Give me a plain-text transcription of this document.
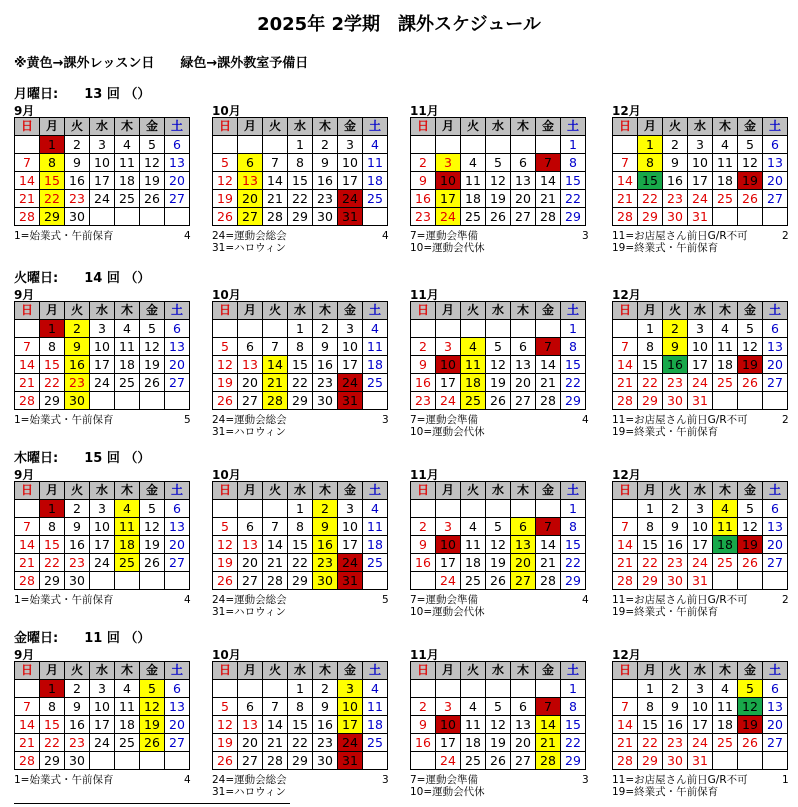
2025年 2学期　課外スケジュール
※黄色→課外レッスン日　　緑色→課外教室予備日
月曜日:　　13 回 （）
9月
日	月	火	水	木	金	土
	1	2	3	4	5	6
7	8	9	10	11	12	13
14	15	16	17	18	19	20
21	22	23	24	25	26	27
28	29	30				
1=始業式・午前保育	4
10月
日	月	火	水	木	金	土
			1	2	3	4
5	6	7	8	9	10	11
12	13	14	15	16	17	18
19	20	21	22	23	24	25
26	27	28	29	30	31	
24=運動会総会
31=ハロウィン
4
11月
日	月	火	水	木	金	土
						1
2	3	4	5	6	7	8
9	10	11	12	13	14	15
16	17	18	19	20	21	22
23	24	25	26	27	28	29
7=運動会準備
10=運動会代休
3
12月
日	月	火	水	木	金	土
	1	2	3	4	5	6
7	8	9	10	11	12	13
14	15	16	17	18	19	20
21	22	23	24	25	26	27
28	29	30	31			
11=お店屋さん前日G/R不可
19=終業式・午前保育
2
火曜日:　　14 回 （）
9月
日	月	火	水	木	金	土
	1	2	3	4	5	6
7	8	9	10	11	12	13
14	15	16	17	18	19	20
21	22	23	24	25	26	27
28	29	30				
1=始業式・午前保育	5
10月
日	月	火	水	木	金	土
			1	2	3	4
5	6	7	8	9	10	11
12	13	14	15	16	17	18
19	20	21	22	23	24	25
26	27	28	29	30	31	
24=運動会総会
31=ハロウィン
3
11月
日	月	火	水	木	金	土
						1
2	3	4	5	6	7	8
9	10	11	12	13	14	15
16	17	18	19	20	21	22
23	24	25	26	27	28	29
7=運動会準備
10=運動会代休
4
12月
日	月	火	水	木	金	土
	1	2	3	4	5	6
7	8	9	10	11	12	13
14	15	16	17	18	19	20
21	22	23	24	25	26	27
28	29	30	31			
11=お店屋さん前日G/R不可
19=終業式・午前保育
2
木曜日:　　15 回 （）
9月
日	月	火	水	木	金	土
	1	2	3	4	5	6
7	8	9	10	11	12	13
14	15	16	17	18	19	20
21	22	23	24	25	26	27
28	29	30				
1=始業式・午前保育	4
10月
日	月	火	水	木	金	土
			1	2	3	4
5	6	7	8	9	10	11
12	13	14	15	16	17	18
19	20	21	22	23	24	25
26	27	28	29	30	31	
24=運動会総会
31=ハロウィン
5
11月
日	月	火	水	木	金	土
						1
2	3	4	5	6	7	8
9	10	11	12	13	14	15
16	17	18	19	20	21	22
	24	25	26	27	28	29
7=運動会準備
10=運動会代休
4
12月
日	月	火	水	木	金	土
	1	2	3	4	5	6
7	8	9	10	11	12	13
14	15	16	17	18	19	20
21	22	23	24	25	26	27
28	29	30	31			
11=お店屋さん前日G/R不可
19=終業式・午前保育
2
金曜日:　　11 回 （）
9月
日	月	火	水	木	金	土
	1	2	3	4	5	6
7	8	9	10	11	12	13
14	15	16	17	18	19	20
21	22	23	24	25	26	27
28	29	30				
1=始業式・午前保育	4
10月
日	月	火	水	木	金	土
			1	2	3	4
5	6	7	8	9	10	11
12	13	14	15	16	17	18
19	20	21	22	23	24	25
26	27	28	29	30	31	
24=運動会総会
31=ハロウィン
3
11月
日	月	火	水	木	金	土
						1
2	3	4	5	6	7	8
9	10	11	12	13	14	15
16	17	18	19	20	21	22
	24	25	26	27	28	29
7=運動会準備
10=運動会代休
3
12月
日	月	火	水	木	金	土
	1	2	3	4	5	6
7	8	9	10	11	12	13
14	15	16	17	18	19	20
21	22	23	24	25	26	27
28	29	30	31			
11=お店屋さん前日G/R不可
19=終業式・午前保育
1
